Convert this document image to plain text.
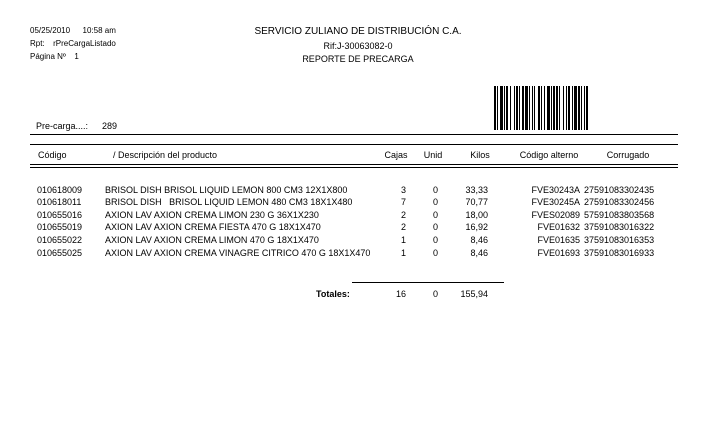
05/25/2010 10:58 am
Rpt: rPreCargaListado
Página Nº 1
SERVICIO ZULIANO DE DISTRIBUCIÓN C.A.
Rif:J-30063082-0
REPORTE DE PRECARGA
Pre-carga....: 289
Código	/ Descripción del producto	Cajas	Unid	Kilos	Código alterno	Corrugado
010618009	BRISOL DISH BRISOL LIQUID LEMON 800 CM3 12X1X800	3	0	33,33	FVE30243A 27591083302435
010618011	BRISOL DISH   BRISOL LIQUID LEMON 480 CM3 18X1X480	7	0	70,77	FVE30245A 27591083302456
010655016	AXION LAV AXION CREMA LIMON 230 G 36X1X230	2	0	18,00	FVES02089 57591083803568
010655019	AXION LAV AXION CREMA FIESTA 470 G 18X1X470	2	0	16,92	FVE01632 37591083016322
010655022	AXION LAV AXION CREMA LIMON 470 G 18X1X470	1	0	8,46	FVE01635 37591083016353
010655025	AXION LAV AXION CREMA VINAGRE CITRICO 470 G 18X1X470	1	0	8,46	FVE01693 37591083016933
Totales:	16	0	155,94
